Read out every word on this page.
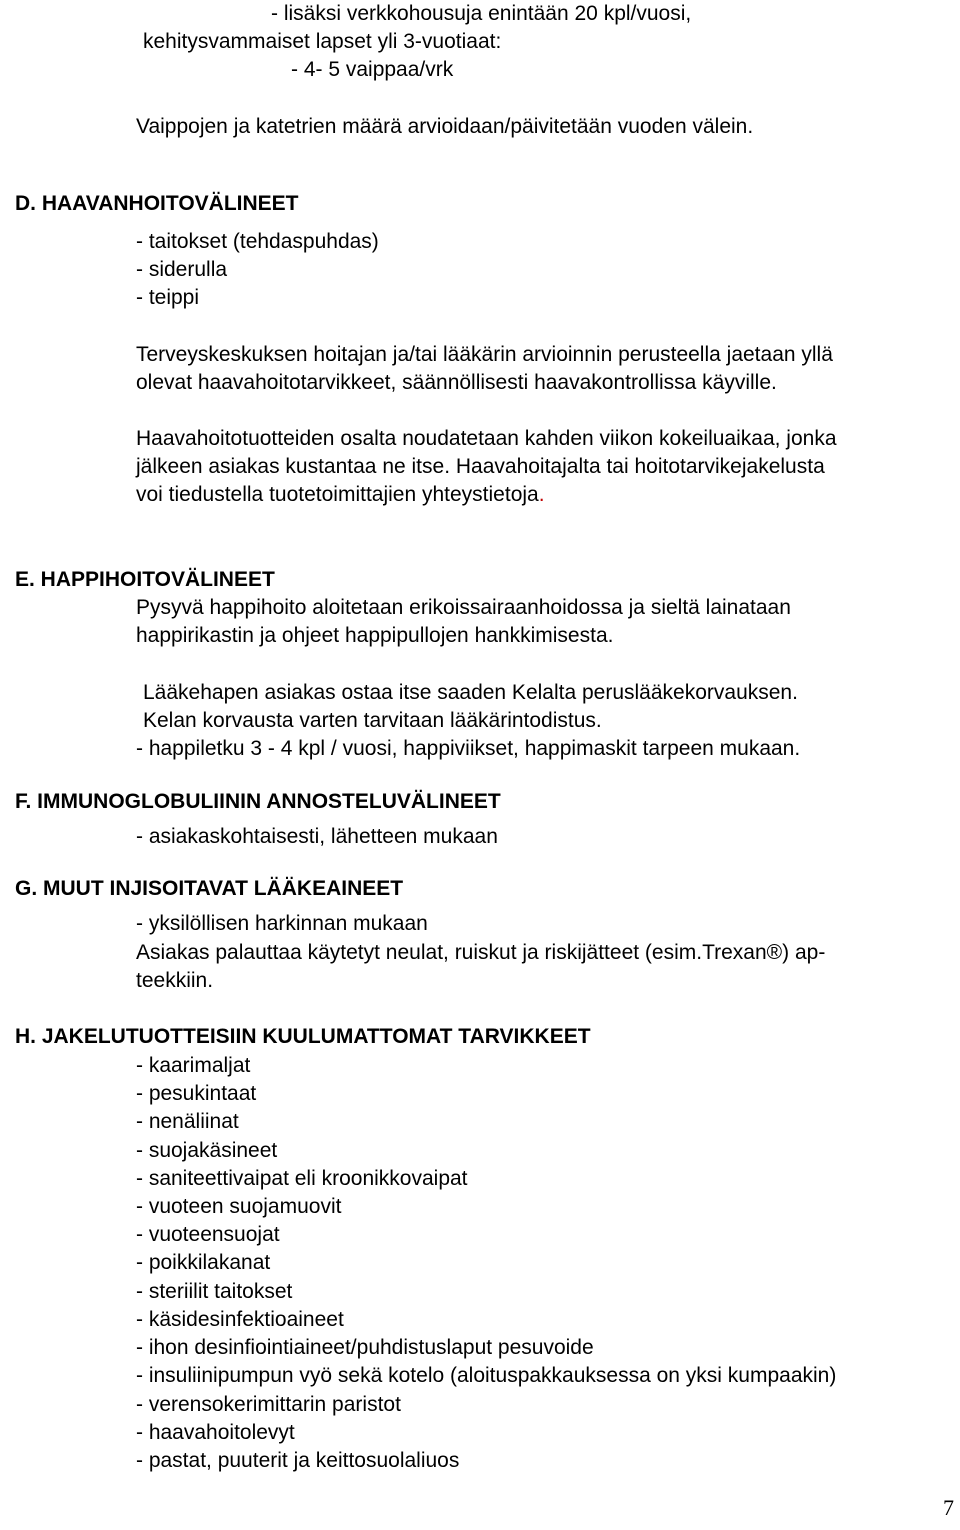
- lisäksi verkkohousuja enintään 20 kpl/vuosi,
kehitysvammaiset lapset yli 3-vuotiaat:
- 4- 5 vaippaa/vrk
Vaippojen ja katetrien määrä arvioidaan/päivitetään vuoden välein.
D. HAAVANHOITOVÄLINEET
- taitokset (tehdaspuhdas)
- siderulla
- teippi
Terveyskeskuksen hoitajan ja/tai lääkärin arvioinnin perusteella jaetaan yllä
olevat haavahoitotarvikkeet, säännöllisesti haavakontrollissa käyville.
Haavahoitotuotteiden osalta noudatetaan kahden viikon kokeiluaikaa, jonka
jälkeen asiakas kustantaa ne itse. Haavahoitajalta tai hoitotarvikejakelusta
voi tiedustella tuotetoimittajien yhteystietoja.
E. HAPPIHOITOVÄLINEET
Pysyvä happihoito aloitetaan erikoissairaanhoidossa ja sieltä lainataan
happirikastin ja ohjeet happipullojen hankkimisesta.
Lääkehapen asiakas ostaa itse saaden Kelalta peruslääkekorvauksen.
Kelan korvausta varten tarvitaan lääkärintodistus.
- happiletku 3 - 4 kpl / vuosi, happiviikset, happimaskit tarpeen mukaan.
F. IMMUNOGLOBULIININ ANNOSTELUVÄLINEET
- asiakaskohtaisesti, lähetteen mukaan
G. MUUT INJISOITAVAT LÄÄKEAINEET
- yksilöllisen harkinnan mukaan
Asiakas palauttaa käytetyt neulat, ruiskut ja riskijätteet (esim.Trexan®) ap-
teekkiin.
H. JAKELUTUOTTEISIIN KUULUMATTOMAT TARVIKKEET
- kaarimaljat
- pesukintaat
- nenäliinat
- suojakäsineet
- saniteettivaipat eli kroonikkovaipat
- vuoteen suojamuovit
- vuoteensuojat
- poikkilakanat
- steriilit taitokset
- käsidesinfektioaineet
- ihon desinfiointiaineet/puhdistuslaput pesuvoide
- insuliinipumpun vyö sekä kotelo (aloituspakkauksessa on yksi kumpaakin)
- verensokerimittarin paristot
- haavahoitolevyt
- pastat, puuterit ja keittosuolaliuos
7
